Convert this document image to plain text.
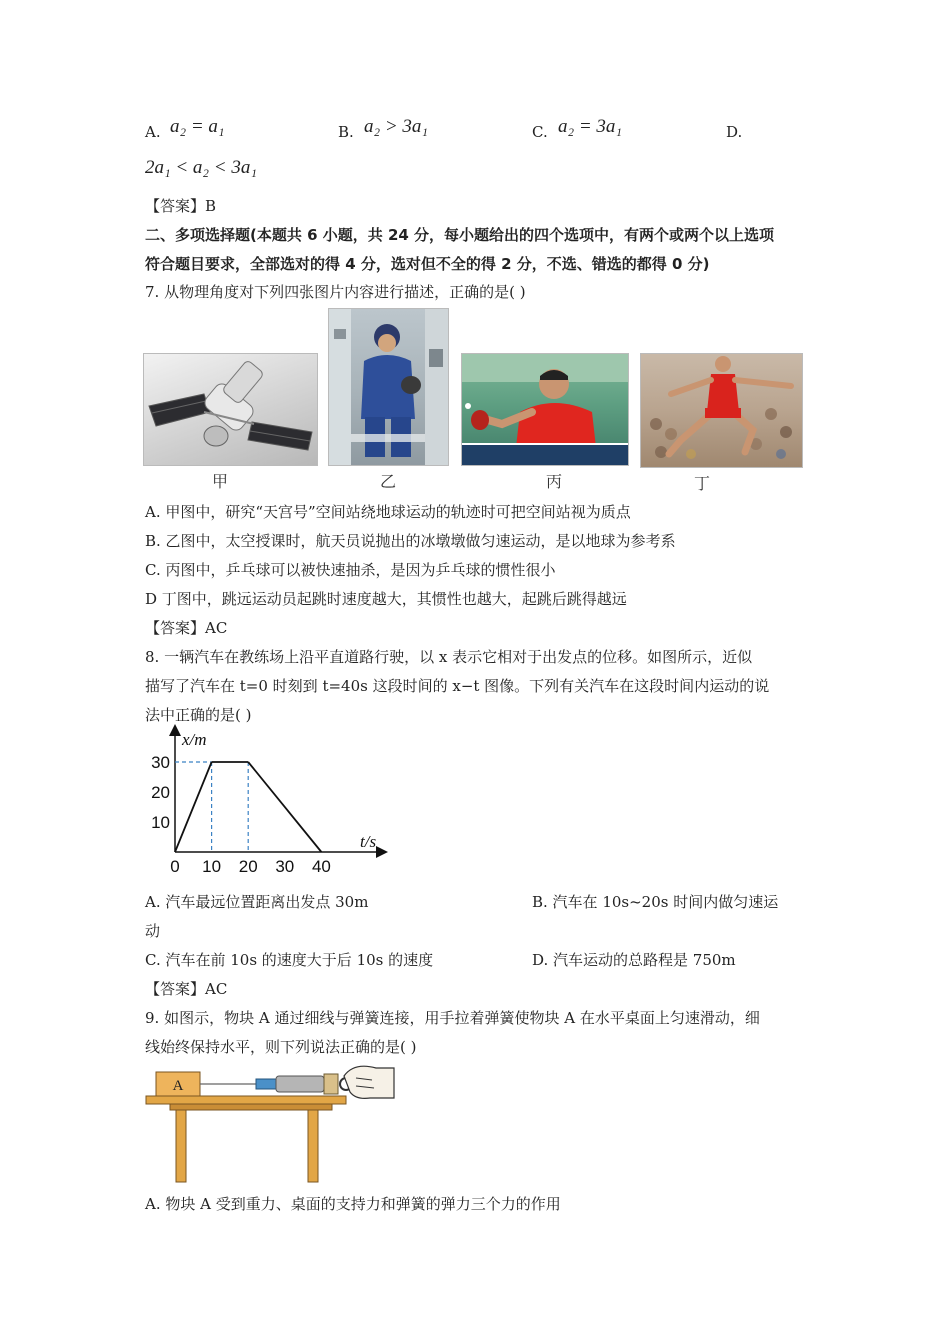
A. a₂ = a₁	B. a₂ > 3a₁	C. a₂ = 3a₁	D.
2a₁ < a₂ < 3a₁
【答案】B
二、多项选择题(本题共 6 小题，共 24 分，每小题给出的四个选项中，有两个或两个以上选项
符合题目要求，全部选对的得 4 分，选对但不全的得 2 分，不选、错选的都得 0 分)
7. 从物理角度对下列四张图片内容进行描述，正确的是( )
甲	乙	丙	丁
A. 甲图中，研究“天宫号”空间站绕地球运动的轨迹时可把空间站视为质点
B. 乙图中，太空授课时，航天员说抛出的冰墩墩做匀速运动，是以地球为参考系
C. 丙图中，乒乓球可以被快速抽杀，是因为乒乓球的惯性很小
D 丁图中，跳远运动员起跳时速度越大，其惯性也越大，起跳后跳得越远
【答案】AC
8. 一辆汽车在教练场上沿平直道路行驶，以 x 表示它相对于出发点的位移。如图所示，近似
描写了汽车在 t=0 时刻到 t=40s 这段时间的 x−t 图像。下列有关汽车在这段时间内运动的说
法中正确的是( )
x/m
t/s
0 10 20 30 40
10
20
30
A. 汽车最远位置距离出发点 30m	B. 汽车在 10s~20s 时间内做匀速运
动
C. 汽车在前 10s 的速度大于后 10s 的速度	D. 汽车运动的总路程是 750m
【答案】AC
9. 如图示，物块 A 通过细线与弹簧连接，用手拉着弹簧使物块 A 在水平桌面上匀速滑动，细
线始终保持水平，则下列说法正确的是( )
A
A. 物块 A 受到重力、桌面的支持力和弹簧的弹力三个力的作用
